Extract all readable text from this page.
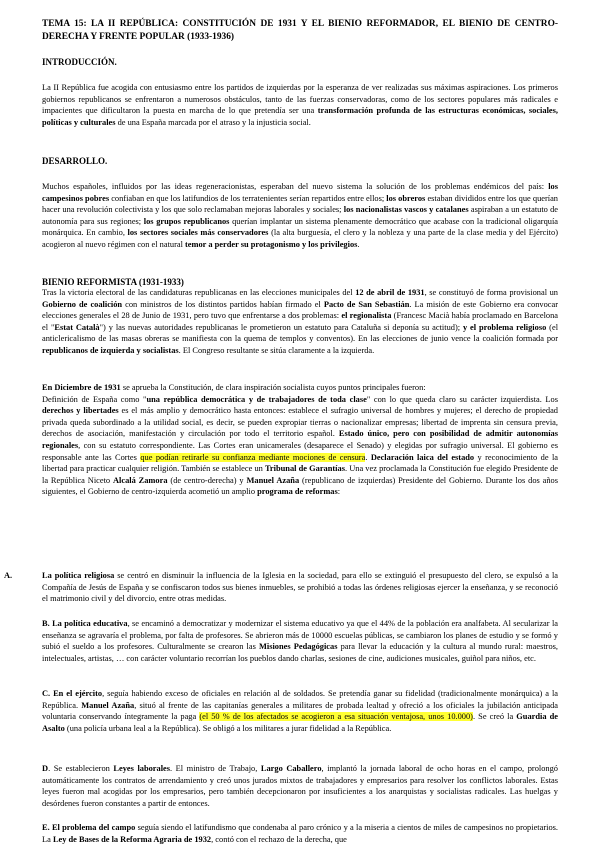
TEMA 15: LA II REPÚBLICA: CONSTITUCIÓN DE 1931 Y EL BIENIO REFORMADOR, EL BIENIO DE CENTRO-DERECHA Y FRENTE POPULAR (1933-1936)

INTRODUCCIÓN.

La II República fue acogida con entusiasmo entre los partidos de izquierdas por la esperanza de ver realizadas sus máximas aspiraciones. Los primeros gobiernos republicanos se enfrentaron a numerosos obstáculos, tanto de las fuerzas conservadoras, como de los sectores populares más radicales e impacientes que dificultaron la puesta en marcha de lo que pretendía ser una transformación profunda de las estructuras económicas, sociales, políticas y culturales de una España marcada por el atraso y la injusticia social.

DESARROLLO.

Muchos españoles, influidos por las ideas regeneracionistas, esperaban del nuevo sistema la solución de los problemas endémicos del país: los campesinos pobres confiaban en que los latifundios de los terratenientes serían repartidos entre ellos; los obreros estaban divididos entre los que querían hacer una revolución colectivista y los que solo reclamaban mejoras laborales y sociales; los nacionalistas vascos y catalanes aspiraban a un estatuto de autonomía para sus regiones; los grupos republicanos querían implantar un sistema plenamente democrático que acabase con la tradicional oligarquía monárquica. En cambio, los sectores sociales más conservadores (la alta burguesía, el clero y la nobleza y una parte de la clase media y del Ejército) acogieron al nuevo régimen con el natural temor a perder su protagonismo y los privilegios.

BIENIO REFORMISTA (1931-1933)

Tras la victoria electoral de las candidaturas republicanas en las elecciones municipales del 12 de abril de 1931, se constituyó de forma provisional un Gobierno de coalición con ministros de los distintos partidos habían firmado el Pacto de San Sebastián. La misión de este Gobierno era convocar elecciones generales el 28 de Junio de 1931, pero tuvo que enfrentarse a dos problemas: el regionalista (Francesc Macià había proclamado en Barcelona el "Estat Català") y las nuevas autoridades republicanas le prometieron un estatuto para Cataluña si deponía su actitud); y el problema religioso (el anticlericalismo de las masas obreras se manifiesta con la quema de templos y conventos). En las elecciones de junio vence la coalición formada por republicanos de izquierda y socialistas. El Congreso resultante se sitúa claramente a la izquierda.

En Diciembre de 1931 se aprueba la Constitución, de clara inspiración socialista cuyos puntos principales fueron:
Definición de España como "una república democrática y de trabajadores de toda clase" con lo que queda claro su carácter izquierdista. Los derechos y libertades es el más amplio y democrático hasta entonces: establece el sufragio universal de hombres y mujeres; el derecho de propiedad privada queda subordinado a la utilidad social, es decir, se pueden expropiar tierras o nacionalizar empresas; libertad de imprenta sin censura previa, derechos de asociación, manifestación y circulación por todo el territorio español. Estado único, pero con posibilidad de admitir autonomías regionales, con su estatuto correspondiente. Las Cortes eran unicamerales (desaparece el Senado) y elegidas por sufragio universal. El gobierno es responsable ante las Cortes que podían retirarle su confianza mediante mociones de censura. Declaración laica del estado y reconocimiento de la libertad para practicar cualquier religión. También se establece un Tribunal de Garantías. Una vez proclamada la Constitución fue elegido Presidente de la República Niceto Alcalá Zamora (de centro-derecha) y Manuel Azaña (republicano de izquierdas) Presidente del Gobierno. Durante los dos años siguientes, el Gobierno de centro-izquierda acometió un amplio programa de reformas:

A.	La política religiosa se centró en disminuir la influencia de la Iglesia en la sociedad, para ello se extinguió el presupuesto del clero, se expulsó a la Compañía de Jesús de España y se confiscaron todos sus bienes inmuebles, se prohibió a todas las órdenes religiosas ejercer la enseñanza, y se reconoció el matrimonio civil y del divorcio, entre otras medidas.

B. La política educativa, se encaminó a democratizar y modernizar el sistema educativo ya que el 44% de la población era analfabeta. Al secularizar la enseñanza se agravaría el problema, por falta de profesores. Se abrieron más de 10000 escuelas públicas, se cambiaron los planes de estudio y se formó y subió el sueldo a los profesores. Culturalmente se crearon las Misiones Pedagógicas para llevar la educación y la cultura al mundo rural: maestros, intelectuales, artistas, … con carácter voluntario recorrían los pueblos dando charlas, sesiones de cine, audiciones musicales, guiñol para niños, etc.

C. En el ejército, seguía habiendo exceso de oficiales en relación al de soldados. Se pretendía ganar su fidelidad (tradicionalmente monárquica) a la República. Manuel Azaña, situó al frente de las capitanías generales a militares de probada lealtad y ofreció a los oficiales la jubilación anticipada voluntaria conservando íntegramente la paga (el 50 % de los afectados se acogieron a esa situación ventajosa, unos 10.000). Se creó la Guardia de Asalto (una policía urbana leal a la República). Se obligó a los militares a jurar fidelidad a la República.

D. Se establecieron Leyes laborales. El ministro de Trabajo, Largo Caballero, implantó la jornada laboral de ocho horas en el campo, prolongó automáticamente los contratos de arrendamiento y creó unos jurados mixtos de trabajadores y empresarios para resolver los conflictos laborales. Estas leyes fueron mal acogidas por los empresarios, pero también decepcionaron por insuficientes a los anarquistas y socialistas radicales. Las huelgas y desórdenes fueron constantes a partir de entonces.

E. El problema del campo seguía siendo el latifundismo que condenaba al paro crónico y a la miseria a cientos de miles de campesinos no propietarios. La Ley de Bases de la Reforma Agraria de 1932, contó con el rechazo de la derecha, que
